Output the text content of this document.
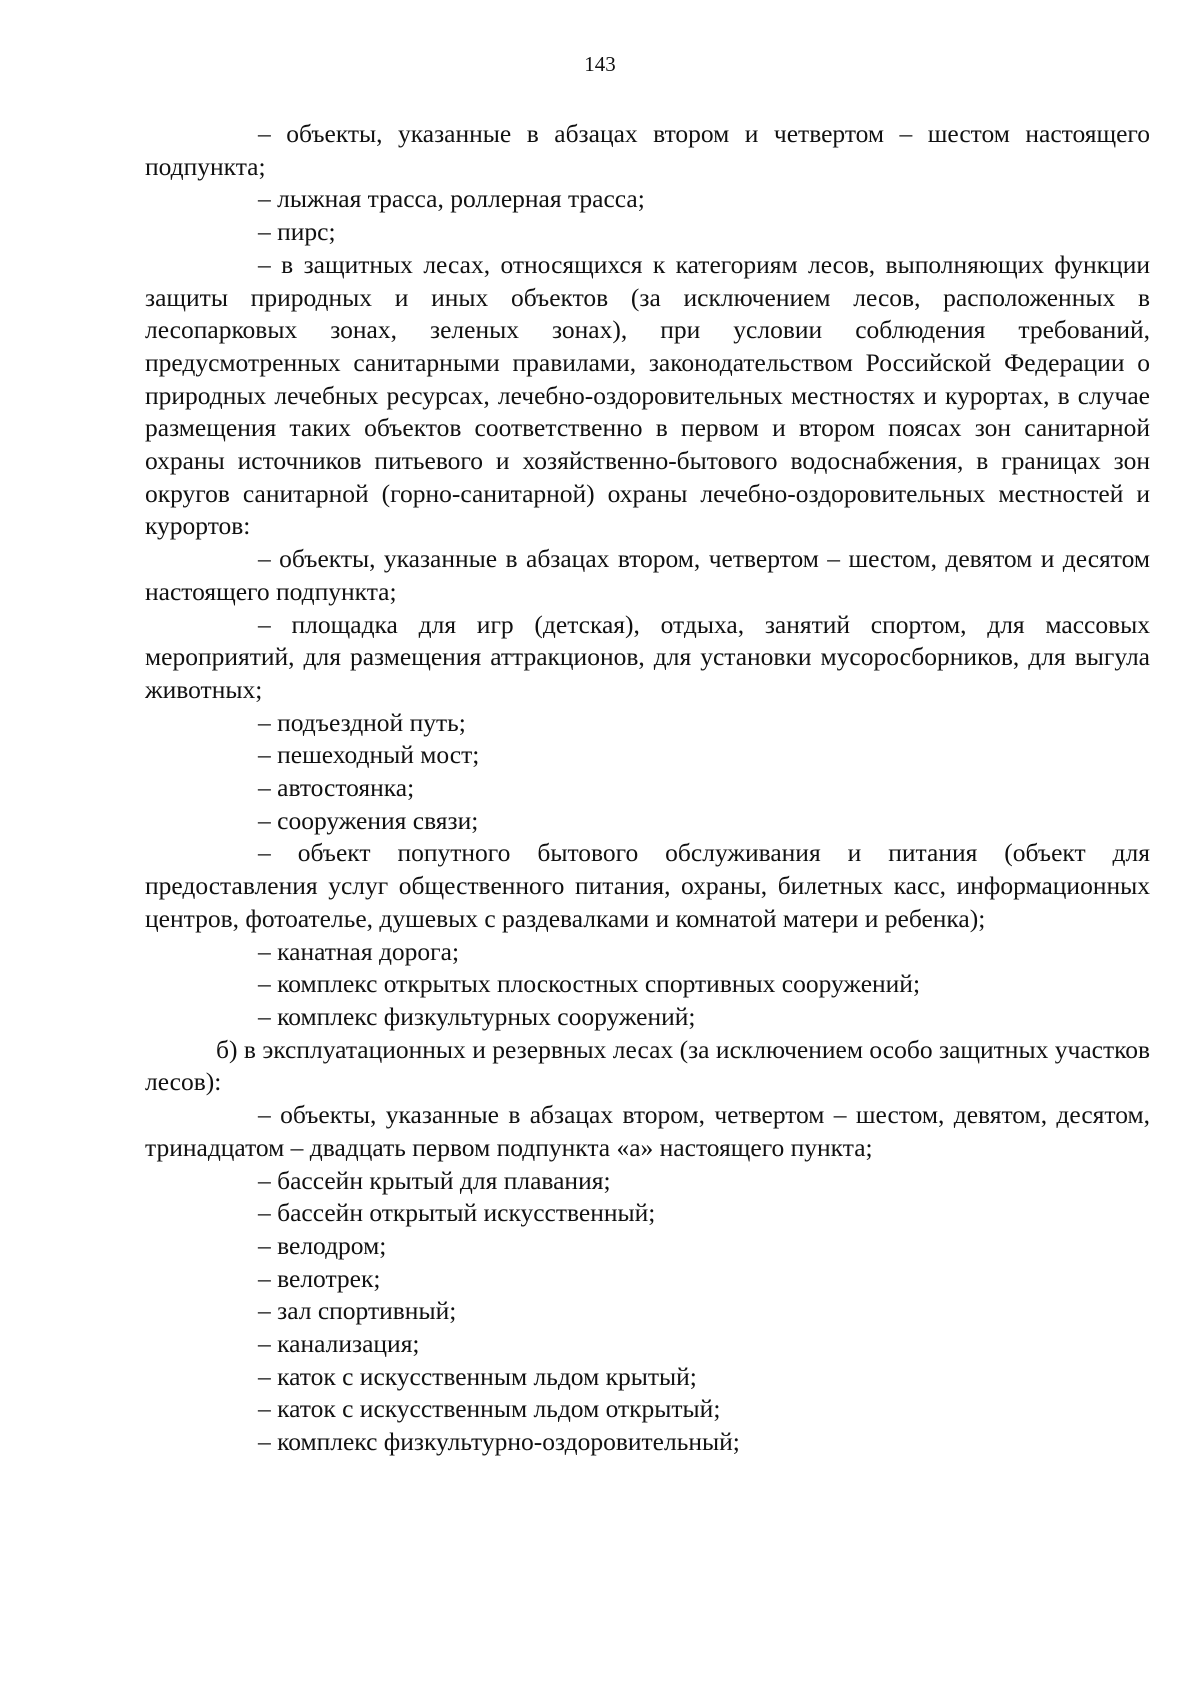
143

– объекты, указанные в абзацах втором и четвертом – шестом настоящего подпункта;

– лыжная трасса, роллерная трасса;

– пирс;

– в защитных лесах, относящихся к категориям лесов, выполняющих функции защиты природных и иных объектов (за исключением лесов, расположенных в лесопарковых зонах, зеленых зонах), при условии соблюдения требований, предусмотренных санитарными правилами, законодательством Российской Федерации о природных лечебных ресурсах, лечебно-оздоровительных местностях и курортах, в случае размещения таких объектов соответственно в первом и втором поясах зон санитарной охраны источников питьевого и хозяйственно-бытового водоснабжения, в границах зон округов санитарной (горно-санитарной) охраны лечебно-оздоровительных местностей и курортов:

– объекты, указанные в абзацах втором, четвертом – шестом, девятом и десятом настоящего подпункта;

– площадка для игр (детская), отдыха, занятий спортом, для массовых мероприятий, для размещения аттракционов, для установки мусоросборников, для выгула животных;

– подъездной путь;

– пешеходный мост;

– автостоянка;

– сооружения связи;

– объект попутного бытового обслуживания и питания (объект для предоставления услуг общественного питания, охраны, билетных касс, информационных центров, фотоателье, душевых с раздевалками и комнатой матери и ребенка);

– канатная дорога;

– комплекс открытых плоскостных спортивных сооружений;

– комплекс физкультурных сооружений;

б) в эксплуатационных и резервных лесах (за исключением особо защитных участков лесов):

– объекты, указанные в абзацах втором, четвертом – шестом, девятом, десятом, тринадцатом – двадцать первом подпункта «а» настоящего пункта;

– бассейн крытый для плавания;

– бассейн открытый искусственный;

– велодром;

– велотрек;

– зал спортивный;

– канализация;

– каток с искусственным льдом крытый;

– каток с искусственным льдом открытый;

– комплекс физкультурно-оздоровительный;
